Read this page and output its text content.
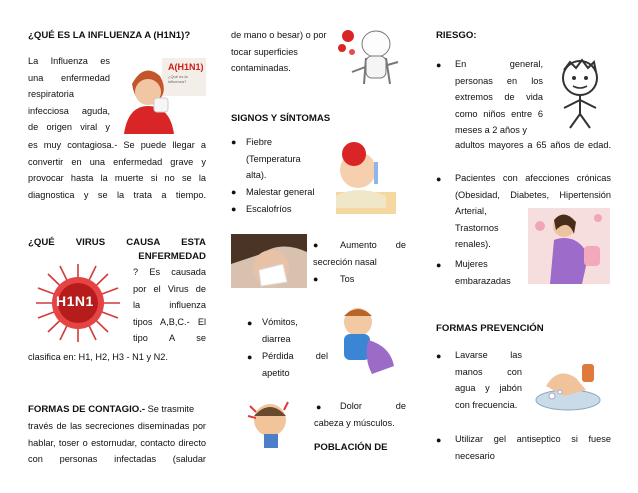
¿QUÉ ES LA INFLUENZA A (H1N1)?
La Influenza es
una enfermedad
respiratoria
infecciosa aguda,
de origen viral y
A(H1N1)
¿Qué es la influenza?
es muy contagiosa.- Se puede llegar a convertir en una enfermedad grave y provocar hasta la muerte si no se la diagnostica y se la trata a tiempo.
¿QUÉ VIRUS CAUSA ESTA
ENFERMEDAD
H1N1
? Es causada
por el Virus de
la influenza
tipos A,B,C.- El
tipo A se
clasifica en: H1, H2, H3 - N1 y N2.
FORMAS DE CONTAGIO.- Se trasmite
través de las secreciones diseminadas por hablar, toser o estornudar, contacto directo con personas infectadas (saludar
de mano o besar) o por tocar superficies contaminadas.
SIGNOS Y SÍNTOMAS
● Fiebre (Temperatura alta).
● Malestar general
● Escalofríos
● Aumento de
secreción nasal
● Tos
● Vómitos, diarrea
● Pérdida del
apetito
● Dolor de
cabeza y músculos.
POBLACIÓN DE
RIESGO:
● En general,
personas en los
extremos de vida
como niños entre 6
meses a 2 años y
adultos mayores a 65 años de edad.
● Pacientes con afecciones crónicas (Obesidad, Diabetes, Hipertensión
Arterial,
Trastornos
renales).
● Mujeres
embarazadas
FORMAS PREVENCIÓN
● Lavarse las
manos con
agua y jabón
con frecuencia.
● Utilizar gel antiseptico si fuese necesario
